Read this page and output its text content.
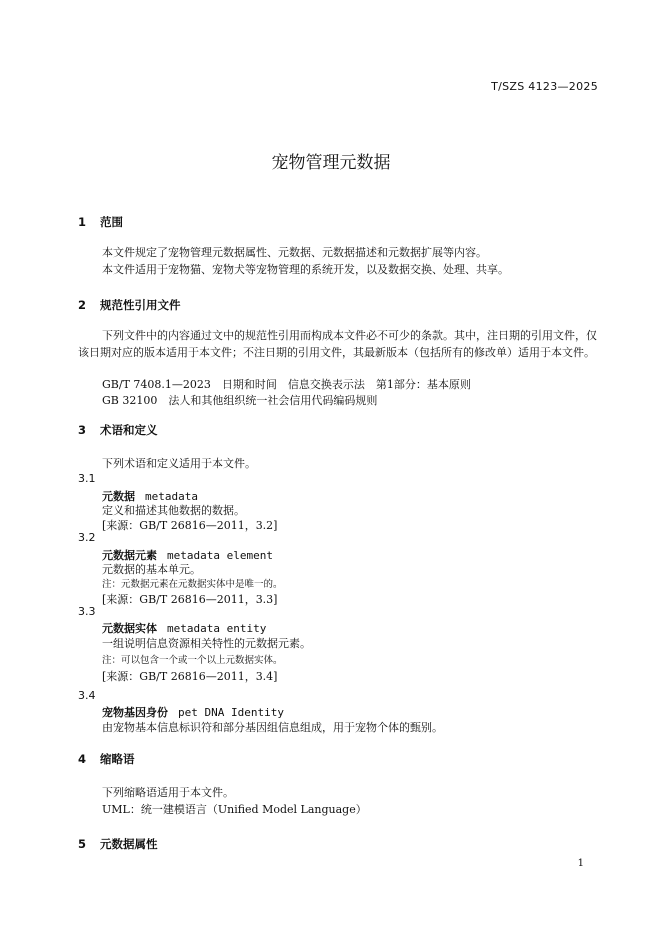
T/SZS 4123—2025
宠物管理元数据
1 范围
本文件规定了宠物管理元数据属性、元数据、元数据描述和元数据扩展等内容。
本文件适用于宠物猫、宠物犬等宠物管理的系统开发，以及数据交换、处理、共享。
2 规范性引用文件
下列文件中的内容通过文中的规范性引用而构成本文件必不可少的条款。其中，注日期的引用文件，仅该日期对应的版本适用于本文件；不注日期的引用文件，其最新版本（包括所有的修改单）适用于本文件。
GB/T 7408.1—2023　日期和时间　信息交换表示法　第1部分：基本原则
GB 32100　法人和其他组织统一社会信用代码编码规则
3 术语和定义
下列术语和定义适用于本文件。
3.1
元数据 metadata
定义和描述其他数据的数据。
[来源：GB/T 26816—2011，3.2]
3.2
元数据元素 metadata element
元数据的基本单元。
注：元数据元素在元数据实体中是唯一的。
[来源：GB/T 26816—2011，3.3]
3.3
元数据实体 metadata entity
一组说明信息资源相关特性的元数据元素。
注：可以包含一个或一个以上元数据实体。
[来源：GB/T 26816—2011，3.4]
3.4
宠物基因身份 pet DNA Identity
由宠物基本信息标识符和部分基因组信息组成，用于宠物个体的甄别。
4 缩略语
下列缩略语适用于本文件。
UML：统一建模语言（Unified Model Language）
5 元数据属性
1
